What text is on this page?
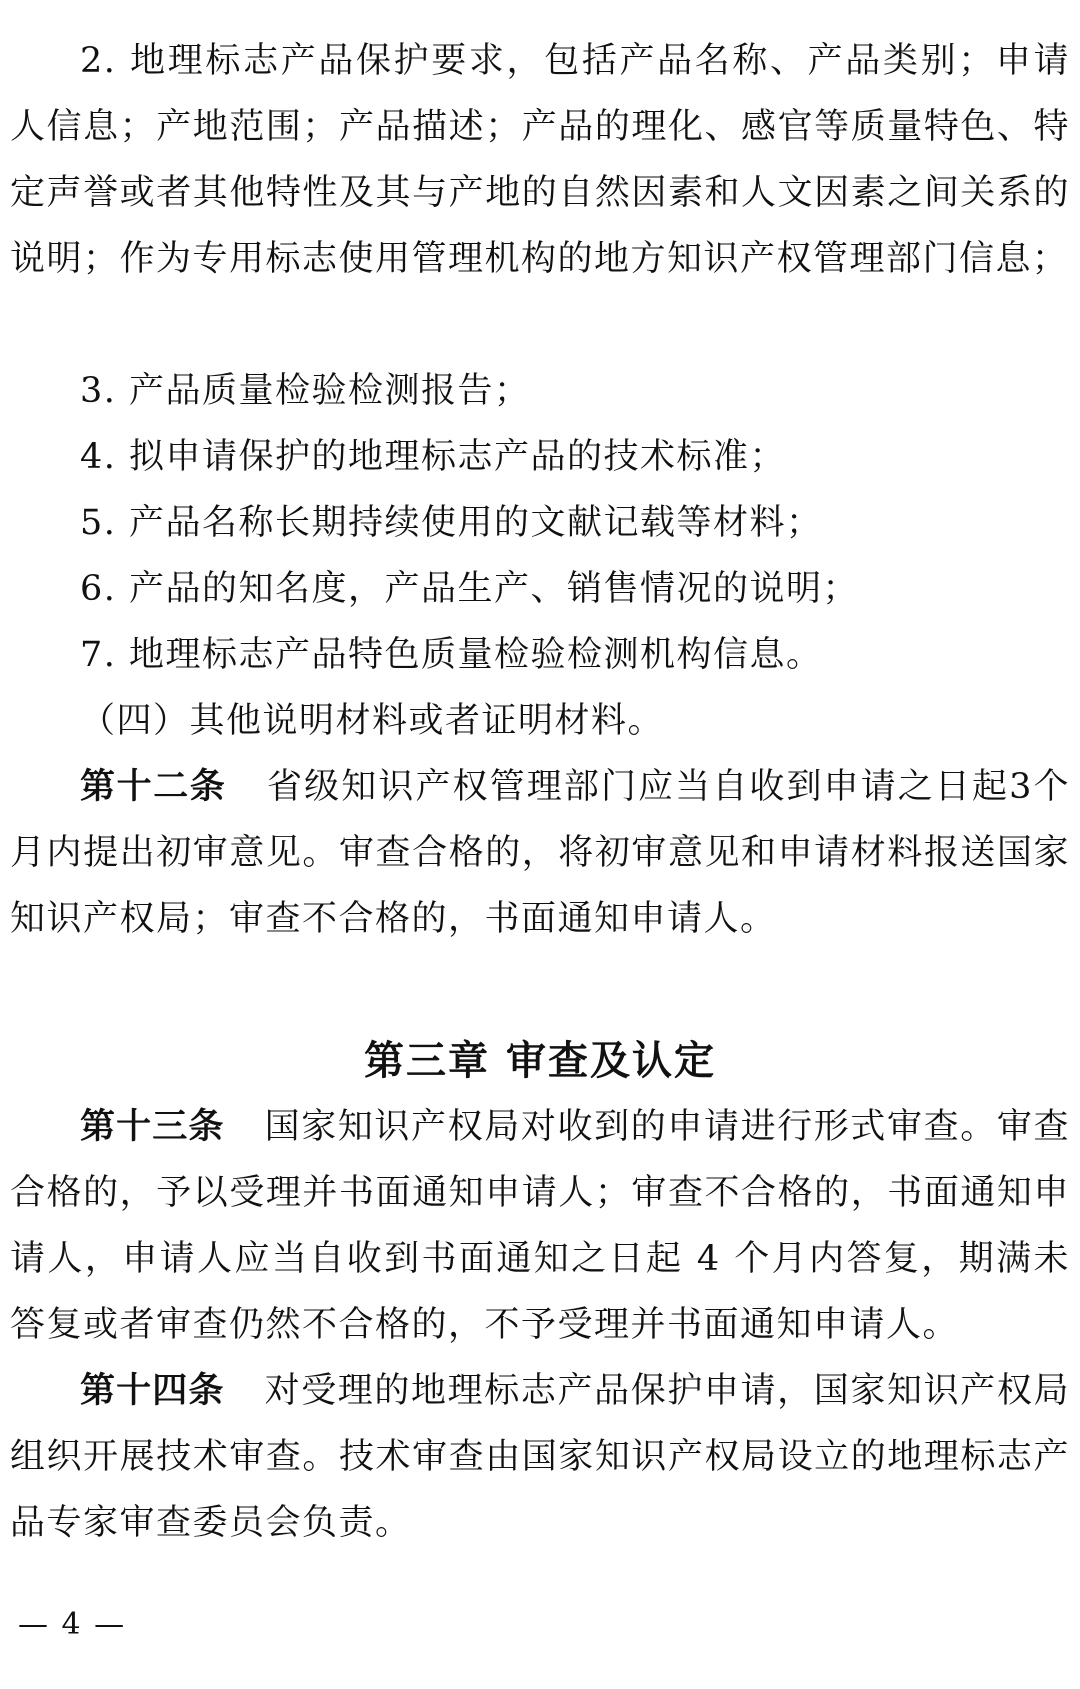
2. 地理标志产品保护要求，包括产品名称、产品类别；申请人信息；产地范围；产品描述；产品的理化、感官等质量特色、特定声誉或者其他特性及其与产地的自然因素和人文因素之间关系的说明；作为专用标志使用管理机构的地方知识产权管理部门信息；

3. 产品质量检验检测报告；

4. 拟申请保护的地理标志产品的技术标准；

5. 产品名称长期持续使用的文献记载等材料；

6. 产品的知名度，产品生产、销售情况的说明；

7. 地理标志产品特色质量检验检测机构信息。

（四）其他说明材料或者证明材料。

第十二条 省级知识产权管理部门应当自收到申请之日起3个月内提出初审意见。审查合格的，将初审意见和申请材料报送国家知识产权局；审查不合格的，书面通知申请人。

第三章 审查及认定

第十三条 国家知识产权局对收到的申请进行形式审查。审查合格的，予以受理并书面通知申请人；审查不合格的，书面通知申请人，申请人应当自收到书面通知之日起 4 个月内答复，期满未答复或者审查仍然不合格的，不予受理并书面通知申请人。

第十四条 对受理的地理标志产品保护申请，国家知识产权局组织开展技术审查。技术审查由国家知识产权局设立的地理标志产品专家审查委员会负责。

— 4 —
